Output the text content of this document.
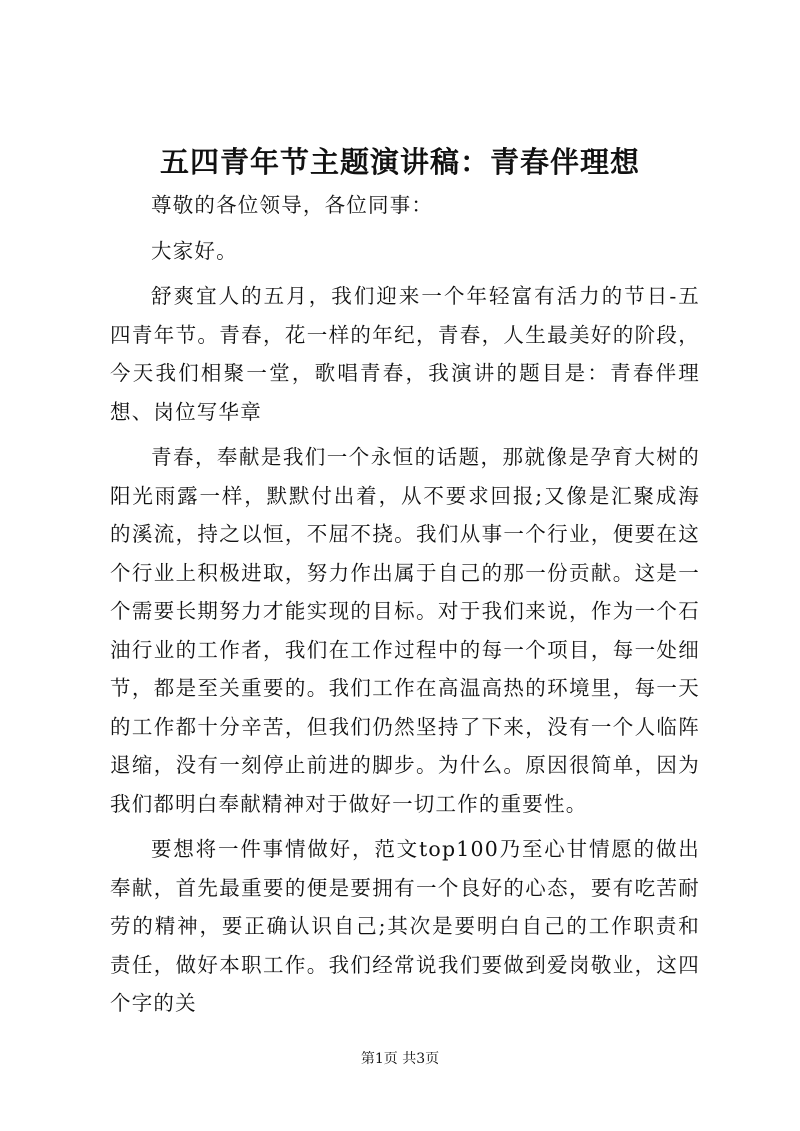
五四青年节主题演讲稿：青春伴理想

尊敬的各位领导，各位同事：

大家好。

舒爽宜人的五月，我们迎来一个年轻富有活力的节日-五四青年节。青春，花一样的年纪，青春，人生最美好的阶段，今天我们相聚一堂，歌唱青春，我演讲的题目是：青春伴理想、岗位写华章

青春，奉献是我们一个永恒的话题，那就像是孕育大树的阳光雨露一样，默默付出着，从不要求回报;又像是汇聚成海的溪流，持之以恒，不屈不挠。我们从事一个行业，便要在这个行业上积极进取，努力作出属于自己的那一份贡献。这是一个需要长期努力才能实现的目标。对于我们来说，作为一个石油行业的工作者，我们在工作过程中的每一个项目，每一处细节，都是至关重要的。我们工作在高温高热的环境里，每一天的工作都十分辛苦，但我们仍然坚持了下来，没有一个人临阵退缩，没有一刻停止前进的脚步。为什么。原因很简单，因为我们都明白奉献精神对于做好一切工作的重要性。

要想将一件事情做好，范文top100乃至心甘情愿的做出奉献，首先最重要的便是要拥有一个良好的心态，要有吃苦耐劳的精神，要正确认识自己;其次是要明白自己的工作职责和责任，做好本职工作。我们经常说我们要做到爱岗敬业，这四个字的关

第1页 共3页
